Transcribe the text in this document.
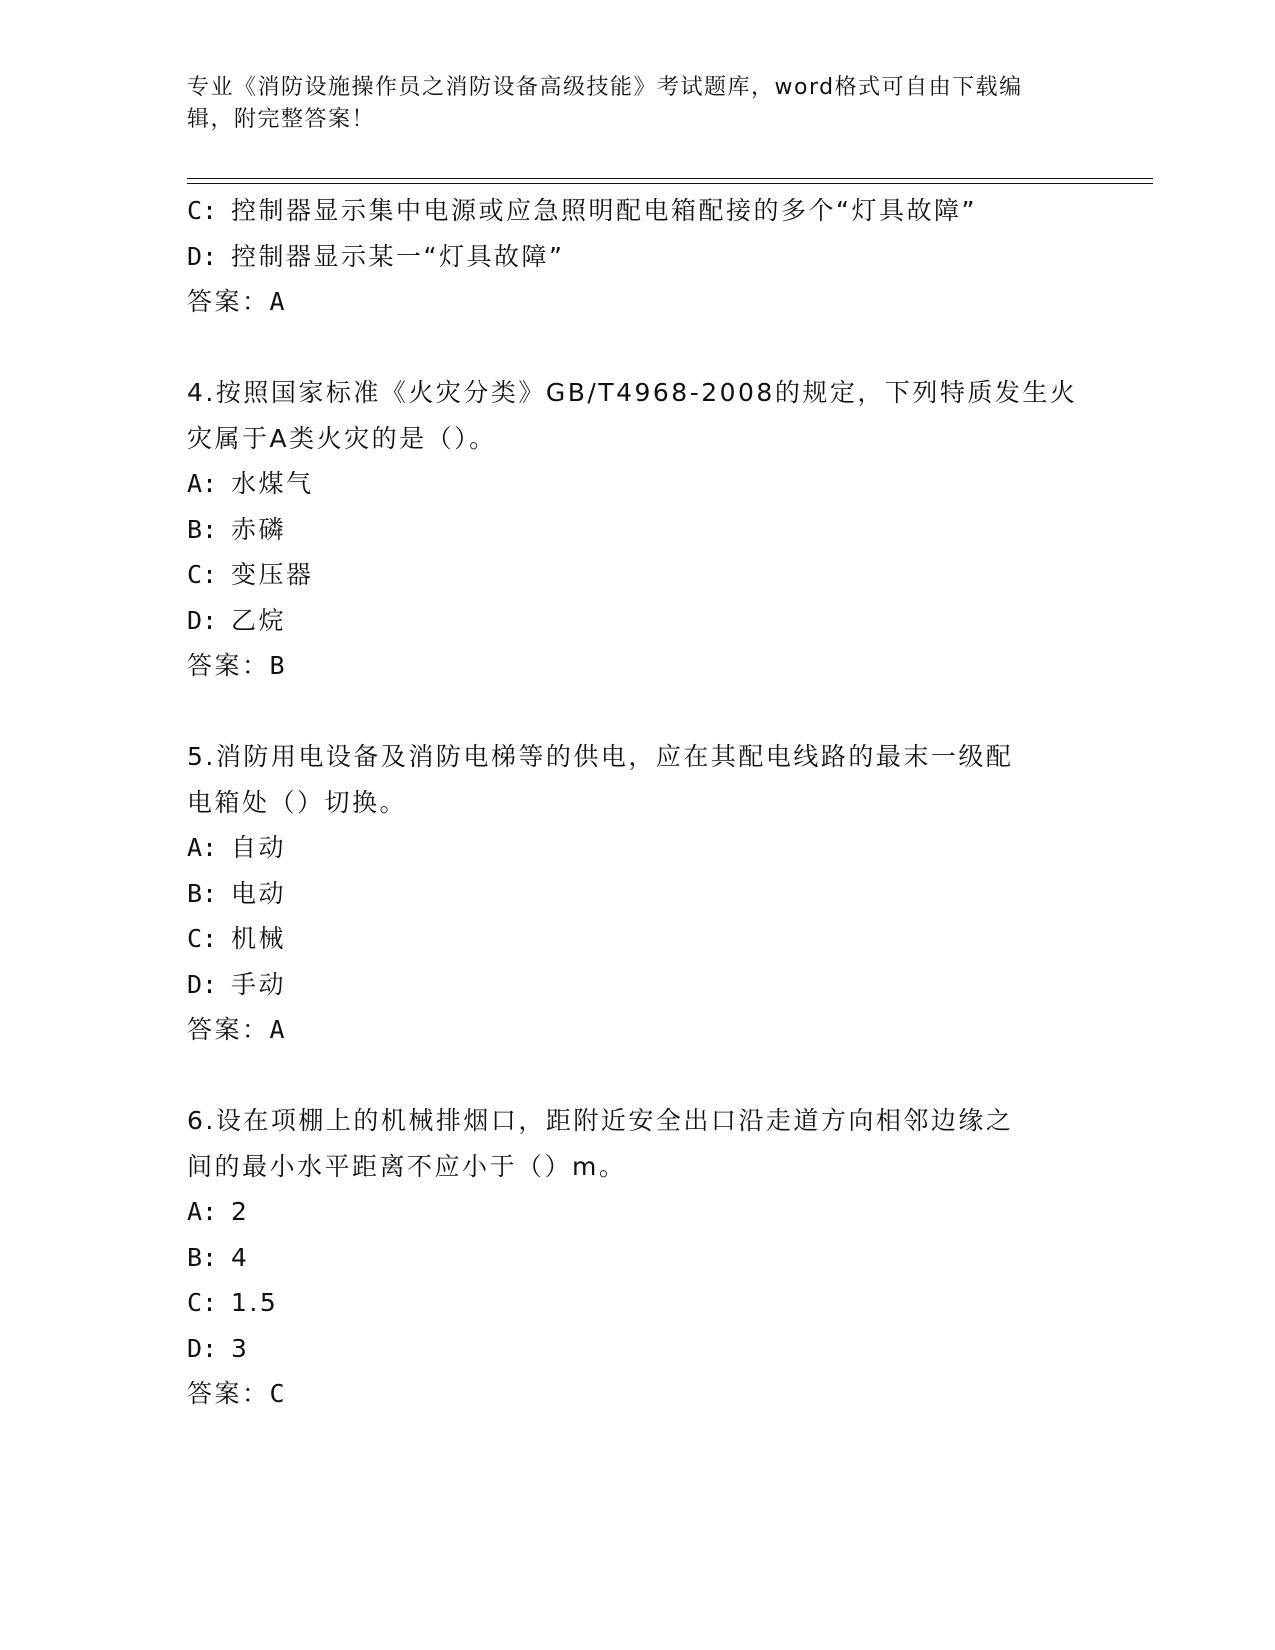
专业《消防设施操作员之消防设备高级技能》考试题库，word格式可自由下载编辑，附完整答案！
C: 控制器显示集中电源或应急照明配电箱配接的多个“灯具故障”
D: 控制器显示某一“灯具故障”
答案：A
4.按照国家标准《火灾分类》GB/T4968-2008的规定，下列特质发生火
灾属于A类火灾的是（）。
A: 水煤气
B: 赤磷
C: 变压器
D: 乙烷
答案：B
5.消防用电设备及消防电梯等的供电，应在其配电线路的最末一级配
电箱处（）切换。
A: 自动
B: 电动
C: 机械
D: 手动
答案：A
6.设在项棚上的机械排烟口，距附近安全出口沿走道方向相邻边缘之
间的最小水平距离不应小于（）m。
A: 2
B: 4
C: 1.5
D: 3
答案：C
